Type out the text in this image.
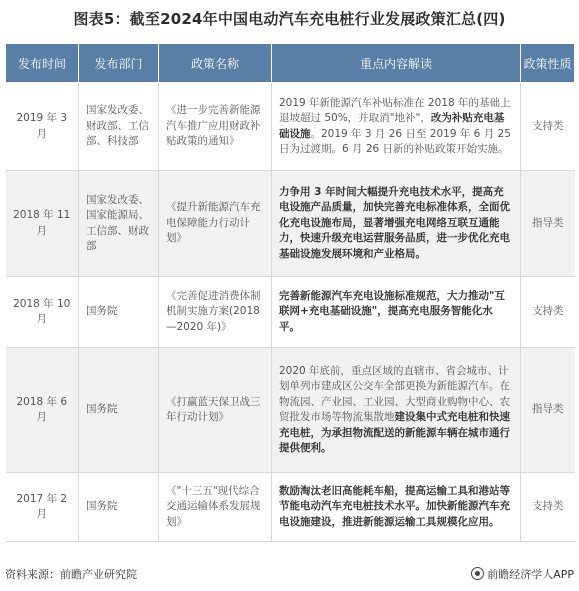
图表5：截至2024年中国电动汽车充电桩行业发展政策汇总(四)
发布时间	发布部门	政策名称	重点内容解读	政策性质
2019 年 3 月	国家发改委、财政部、工信部、科技部	《进一步完善新能源汽车推广应用财政补贴政策的通知》	2019 年新能源汽车补贴标准在 2018 年的基础上退坡超过 50%，并取消"地补"，改为补贴充电基础设施。2019 年 3 月 26 日至 2019 年 6 月 25 日为过渡期。6 月 26 日新的补贴政策开始实施。	支持类
2018 年 11 月	国家发改委、国家能源局、工信部、财政部	《提升新能源汽车充电保障能力行动计划》	力争用 3 年时间大幅提升充电技术水平，提高充电设施产品质量，加快完善充电标准体系，全面优化充电设施布局，显著增强充电网络互联互通能力，快速升级充电运营服务品质，进一步优化充电基础设施发展环境和产业格局。	指导类
2018 年 10 月	国务院	《完善促进消费体制机制实施方案(2018—2020 年)》	完善新能源汽车充电设施标准规范，大力推动"互联网+充电基础设施"，提高充电服务智能化水平。	支持类
2018 年 6 月	国务院	《打赢蓝天保卫战三年行动计划》	2020 年底前，重点区域的直辖市、省会城市、计划单列市建成区公交车全部更换为新能源汽车。在物流园、产业园、工业园、大型商业购物中心、农贸批发市场等物流集散地建设集中式充电桩和快速充电桩，为承担物流配送的新能源车辆在城市通行提供便利。	指导类
2017 年 2 月	国务院	《"十三五"现代综合交通运输体系发展规划》	数励淘汰老旧高能耗车船，提高运输工具和港站等节能电动汽车充电桩技术水平。加快新能源汽车充电设施建设，推进新能源运输工具规模化应用。	支持类
资料来源：前瞻产业研究院	前瞻经济学人APP
